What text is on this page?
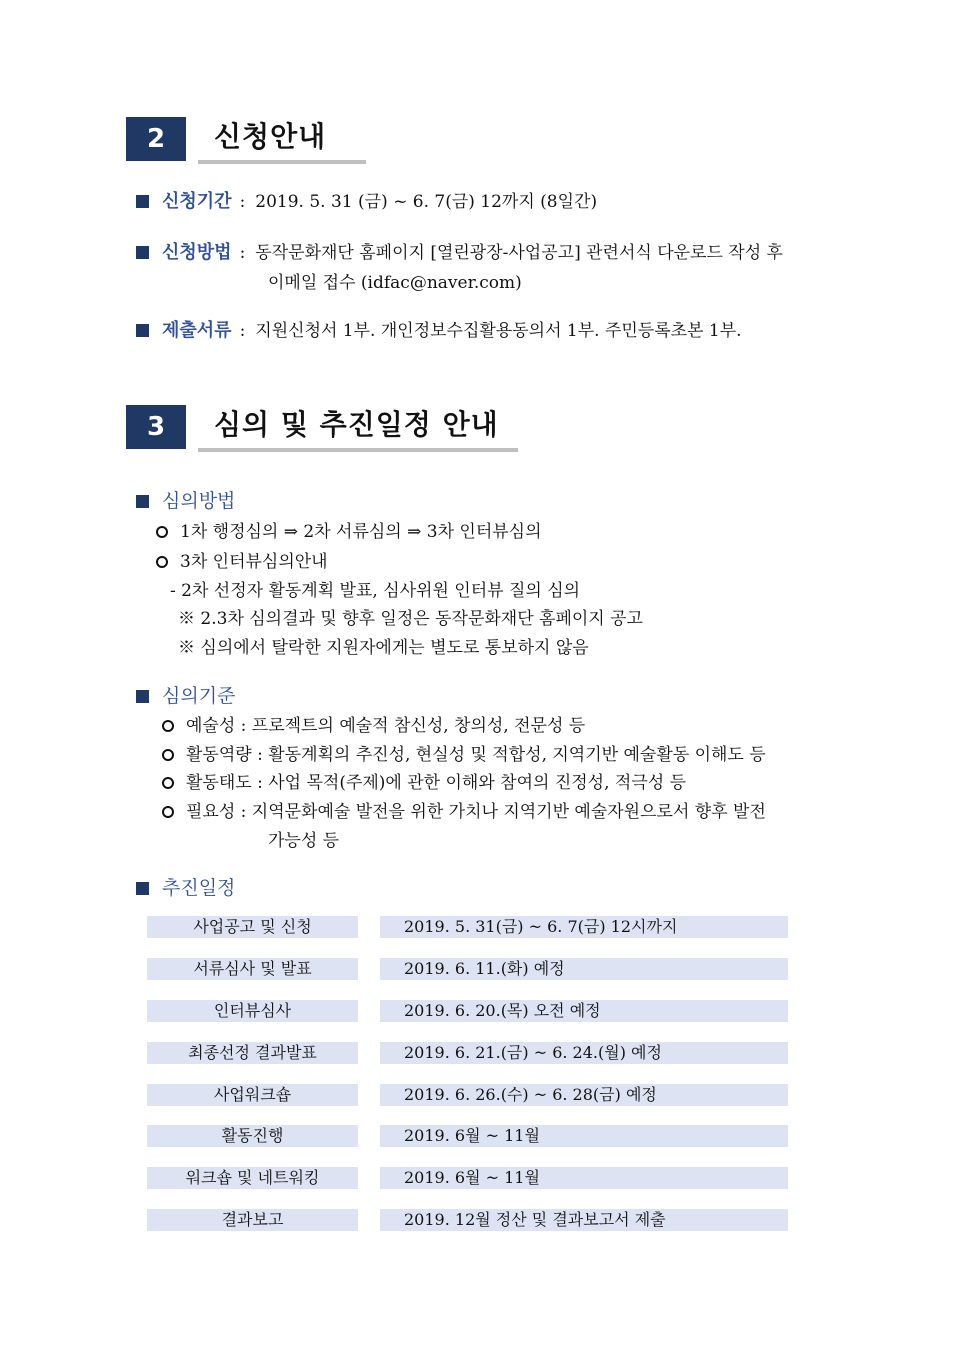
2	신청안내
신청기간 : 2019. 5. 31 (금) ~ 6. 7(금) 12까지 (8일간)
신청방법 : 동작문화재단 홈페이지 [열린광장-사업공고] 관련서식 다운로드 작성 후
이메일 접수 (idfac@naver.com)
제출서류 : 지원신청서 1부. 개인정보수집활용동의서 1부. 주민등록초본 1부.
3	심의 및 추진일정 안내
심의방법
1차 행정심의 ⇒ 2차 서류심의 ⇒ 3차 인터뷰심의
3차 인터뷰심의안내
- 2차 선정자 활동계획 발표, 심사위원 인터뷰 질의 심의
※ 2.3차 심의결과 및 향후 일정은 동작문화재단 홈페이지 공고
※ 심의에서 탈락한 지원자에게는 별도로 통보하지 않음
심의기준
예술성 : 프로젝트의 예술적 참신성, 창의성, 전문성 등
활동역량 : 활동계획의 추진성, 현실성 및 적합성, 지역기반 예술활동 이해도 등
활동태도 : 사업 목적(주제)에 관한 이해와 참여의 진정성, 적극성 등
필요성 : 지역문화예술 발전을 위한 가치나 지역기반 예술자원으로서 향후 발전
가능성 등
추진일정
사업공고 및 신청	2019. 5. 31(금) ~ 6. 7(금) 12시까지
서류심사 및 발표	2019. 6. 11.(화) 예정
인터뷰심사	2019. 6. 20.(목) 오전 예정
최종선정 결과발표	2019. 6. 21.(금) ~ 6. 24.(월) 예정
사업워크숍	2019. 6. 26.(수) ~ 6. 28(금) 예정
활동진행	2019. 6월 ~ 11월
워크숍 및 네트워킹	2019. 6월 ~ 11월
결과보고	2019. 12월 정산 및 결과보고서 제출
